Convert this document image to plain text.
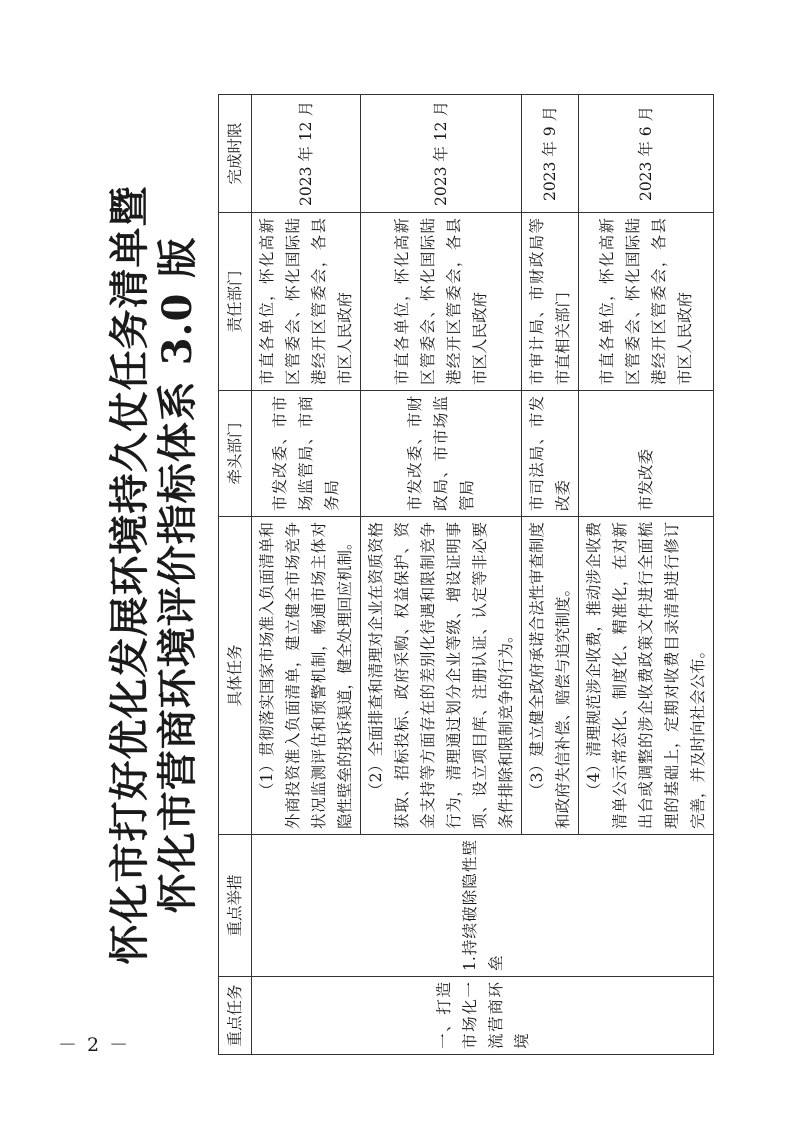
－ 2 －
怀化市打好优化发展环境持久仗任务清单暨 怀化市营商环境评价指标体系 3.0 版
重点任务	重点举措	具体任务	牵头部门	责任部门	完成时限
一、打造市场化一流营商环境	1.持续破除隐性壁垒	（1）贯彻落实国家市场准入负面清单和外商投资准入负面清单，建立健全市场竞争状况监测评估和预警机制，畅通市场主体对隐性壁垒的投诉渠道，健全处理回应机制。	市发改委、市市场监管局、市商务局	市直各单位，怀化高新区管委会、怀化国际陆港经开区管委会，各县市区人民政府	2023 年 12 月
		（2）全面排查和清理对企业在资质资格获取、招标投标、政府采购、权益保护、资金支持等方面存在的差别化待遇和限制竞争行为，清理通过划分企业等级、增设证明事项、设立项目库、注册认证、认定等非必要条件排除和限制竞争的行为。	市发改委、市财政局、市市场监管局	市直各单位，怀化高新区管委会、怀化国际陆港经开区管委会，各县市区人民政府	2023 年 12 月
		（3）建立健全政府承诺合法性审查制度和政府失信补偿、赔偿与追究制度。	市司法局、市发改委	市审计局、市财政局等市直相关部门	2023 年 9 月
		（4）清理规范涉企收费，推动涉企收费清单公示常态化、制度化、精准化，在对新出台或调整的涉企收费政策文件进行全面梳理的基础上，定期对收费目录清单进行修订完善，并及时向社会公布。	市发改委	市直各单位，怀化高新区管委会、怀化国际陆港经开区管委会，各县市区人民政府	2023 年 6 月
